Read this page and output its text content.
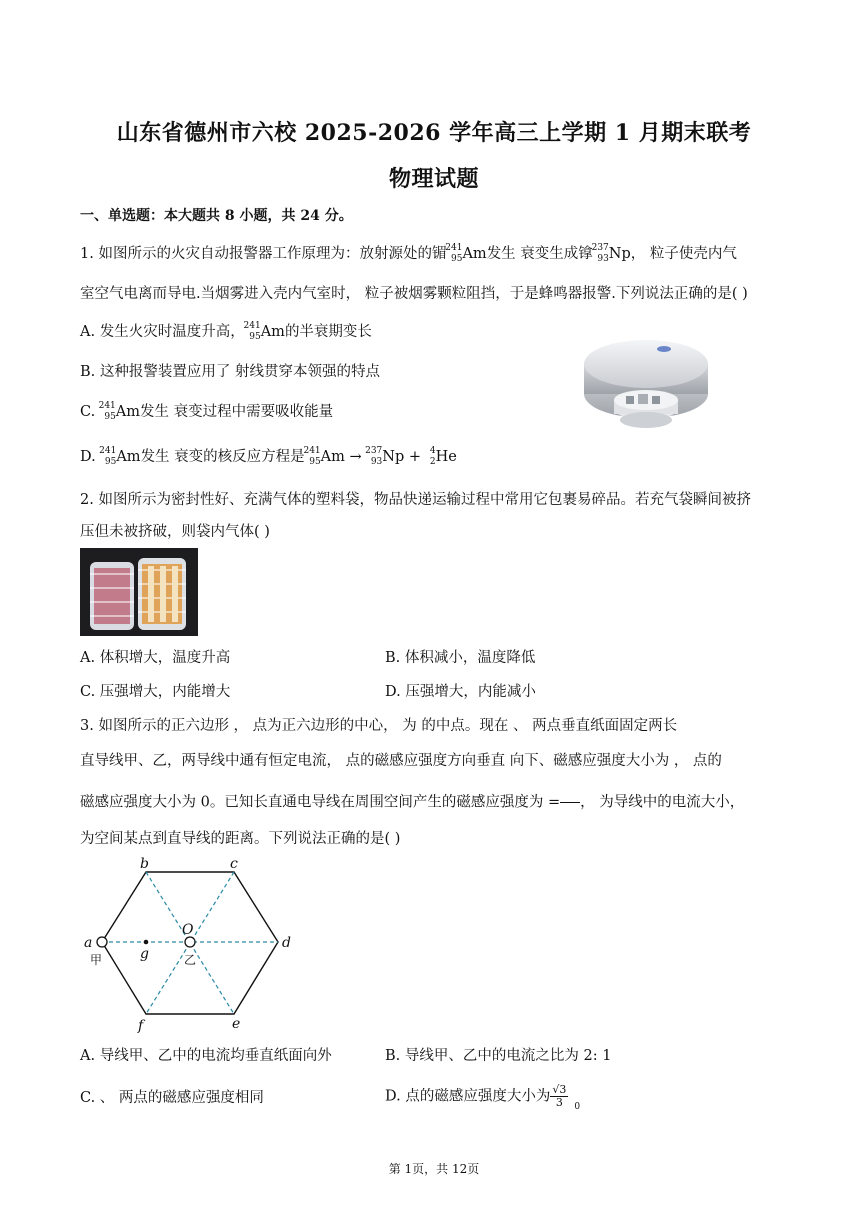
山东省德州市六校 2025-2026 学年高三上学期 1 月期末联考
物理试题
一、单选题：本大题共 8 小题，共 24 分。
1. 如图所示的火灾自动报警器工作原理为：放射源处的镅
241
95 Am发生 衰变生成镎
237
93 Np， 粒子使壳内气
室空气电离而导电.当烟雾进入壳内气室时， 粒子被烟雾颗粒阻挡，于是蜂鸣器报警.下列说法正确的是( )
A. 发生火灾时温度升高，
241
95 Am的半衰期变长
B. 这种报警装置应用了 射线贯穿本领强的特点
C. 241
95 Am发生 衰变过程中需要吸收能量
D. 241
95 Am发生 衰变的核反应方程是
241
95 Am → 237
93 Np + 4
2 He
2. 如图所示为密封性好、充满气体的塑料袋，物品快递运输过程中常用它包裹易碎品。若充气袋瞬间被挤
压但未被挤破，则袋内气体( )
A. 体积增大，温度升高	B. 体积减小，温度降低
C. 压强增大，内能增大	D. 压强增大，内能减小
3. 如图所示的正六边形 ， 点为正六边形的中心， 为 的中点。现在 、 两点垂直纸面固定两长
直导线甲、乙，两导线中通有恒定电流， 点的磁感应强度方向垂直 向下、磁感应强度大小为 ， 点的
磁感应强度大小为 0。已知长直通电导线在周围空间产生的磁感应强度为 =

， 为导线中的电流大小，
为空间某点到直导线的距离。下列说法正确的是( )
a
b	c
d
e
f
g
O
甲	乙
A. 导线甲、乙中的电流均垂直纸面向外	B. 导线甲、乙中的电流之比为 2: 1
C. 、 两点的磁感应强度相同	D. 点的磁感应强度大小为 $\frac{√3}{3} _0$
第 1页，共 12页
